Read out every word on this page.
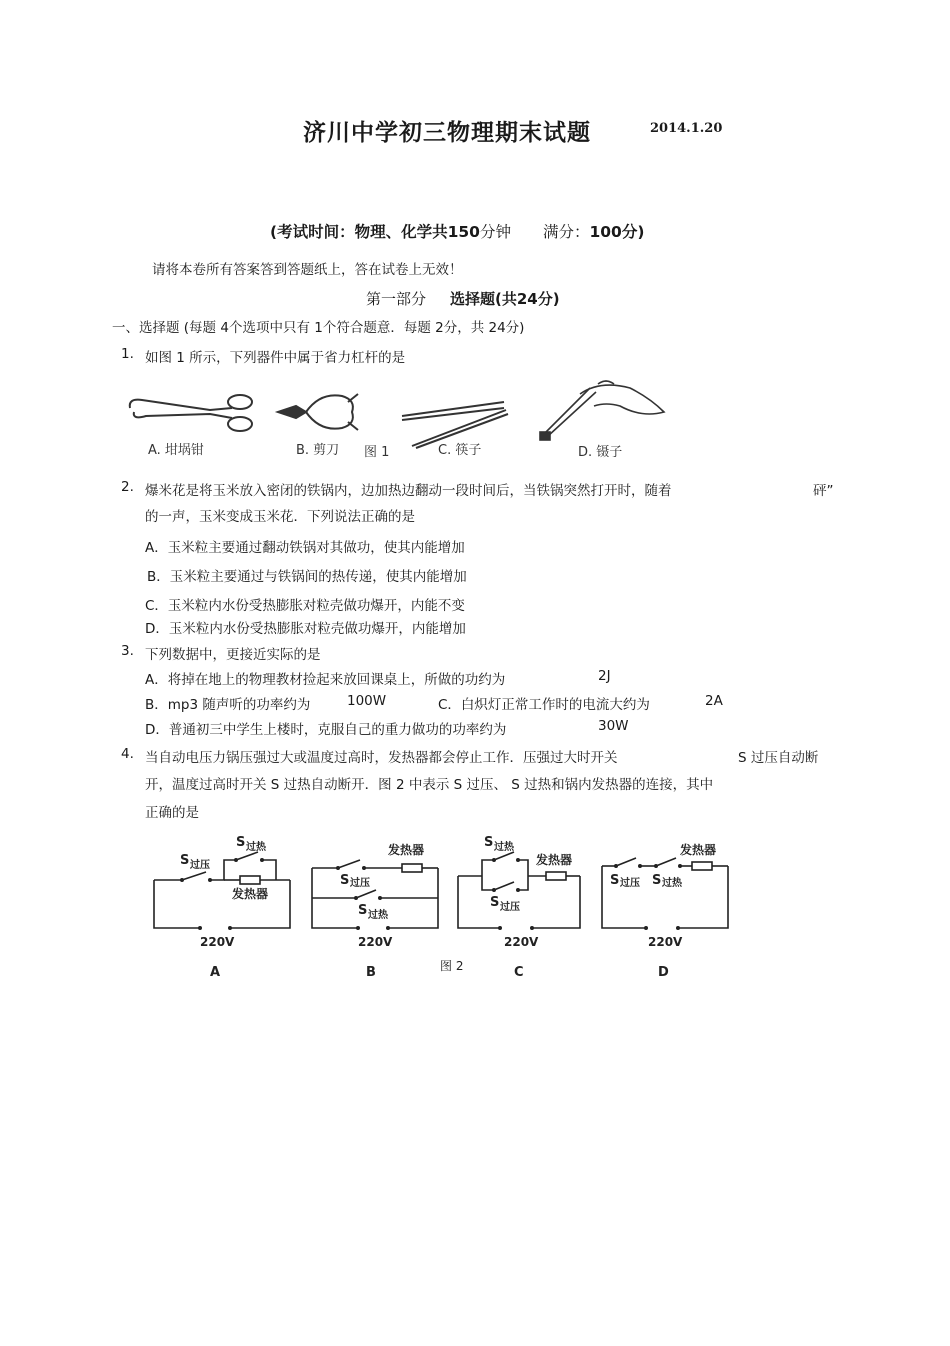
济川中学初三物理期末试题	2014.1.20
(考试时间：物理、化学共150分钟 满分：100分)
请将本卷所有答案答到答题纸上，答在试卷上无效！
第一部分 选择题(共24分)
一、选择题 (每题 4个选项中只有 1个符合题意．每题 2分，共 24分)
1. 如图 1 所示，下列器件中属于省力杠杆的是
A. 坩埚钳	B. 剪刀 图 1	C. 筷子	D. 镊子
2. 爆米花是将玉米放入密闭的铁锅内，边加热边翻动一段时间后，当铁锅突然打开时，随着	砰”
的一声，玉米变成玉米花．下列说法正确的是
A．玉米粒主要通过翻动铁锅对其做功，使其内能增加
B．玉米粒主要通过与铁锅间的热传递，使其内能增加
C．玉米粒内水份受热膨胀对粒壳做功爆开，内能不变
D．玉米粒内水份受热膨胀对粒壳做功爆开，内能增加
3. 下列数据中，更接近实际的是
A．将掉在地上的物理教材捡起来放回课桌上，所做的功约为	2J
B．mp3 随声听的功率约为	100W	C．白炽灯正常工作时的电流大约为	2A
D．普通初三中学生上楼时，克服自己的重力做功的功率约为	30W
4. 当自动电压力锅压强过大或温度过高时，发热器都会停止工作．压强过大时开关	S 过压自动断
开，温度过高时开关 S 过热自动断开．图 2 中表示 S 过压、 S 过热和锅内发热器的连接，其中
正确的是
S 过压
S 过热
发热器
220V
A
发热器
S 过压
S 过热
220V
B
S 过热
发热器
S 过压
220V
图 2	C
发热器
S 过压 S 过热
220V
D
